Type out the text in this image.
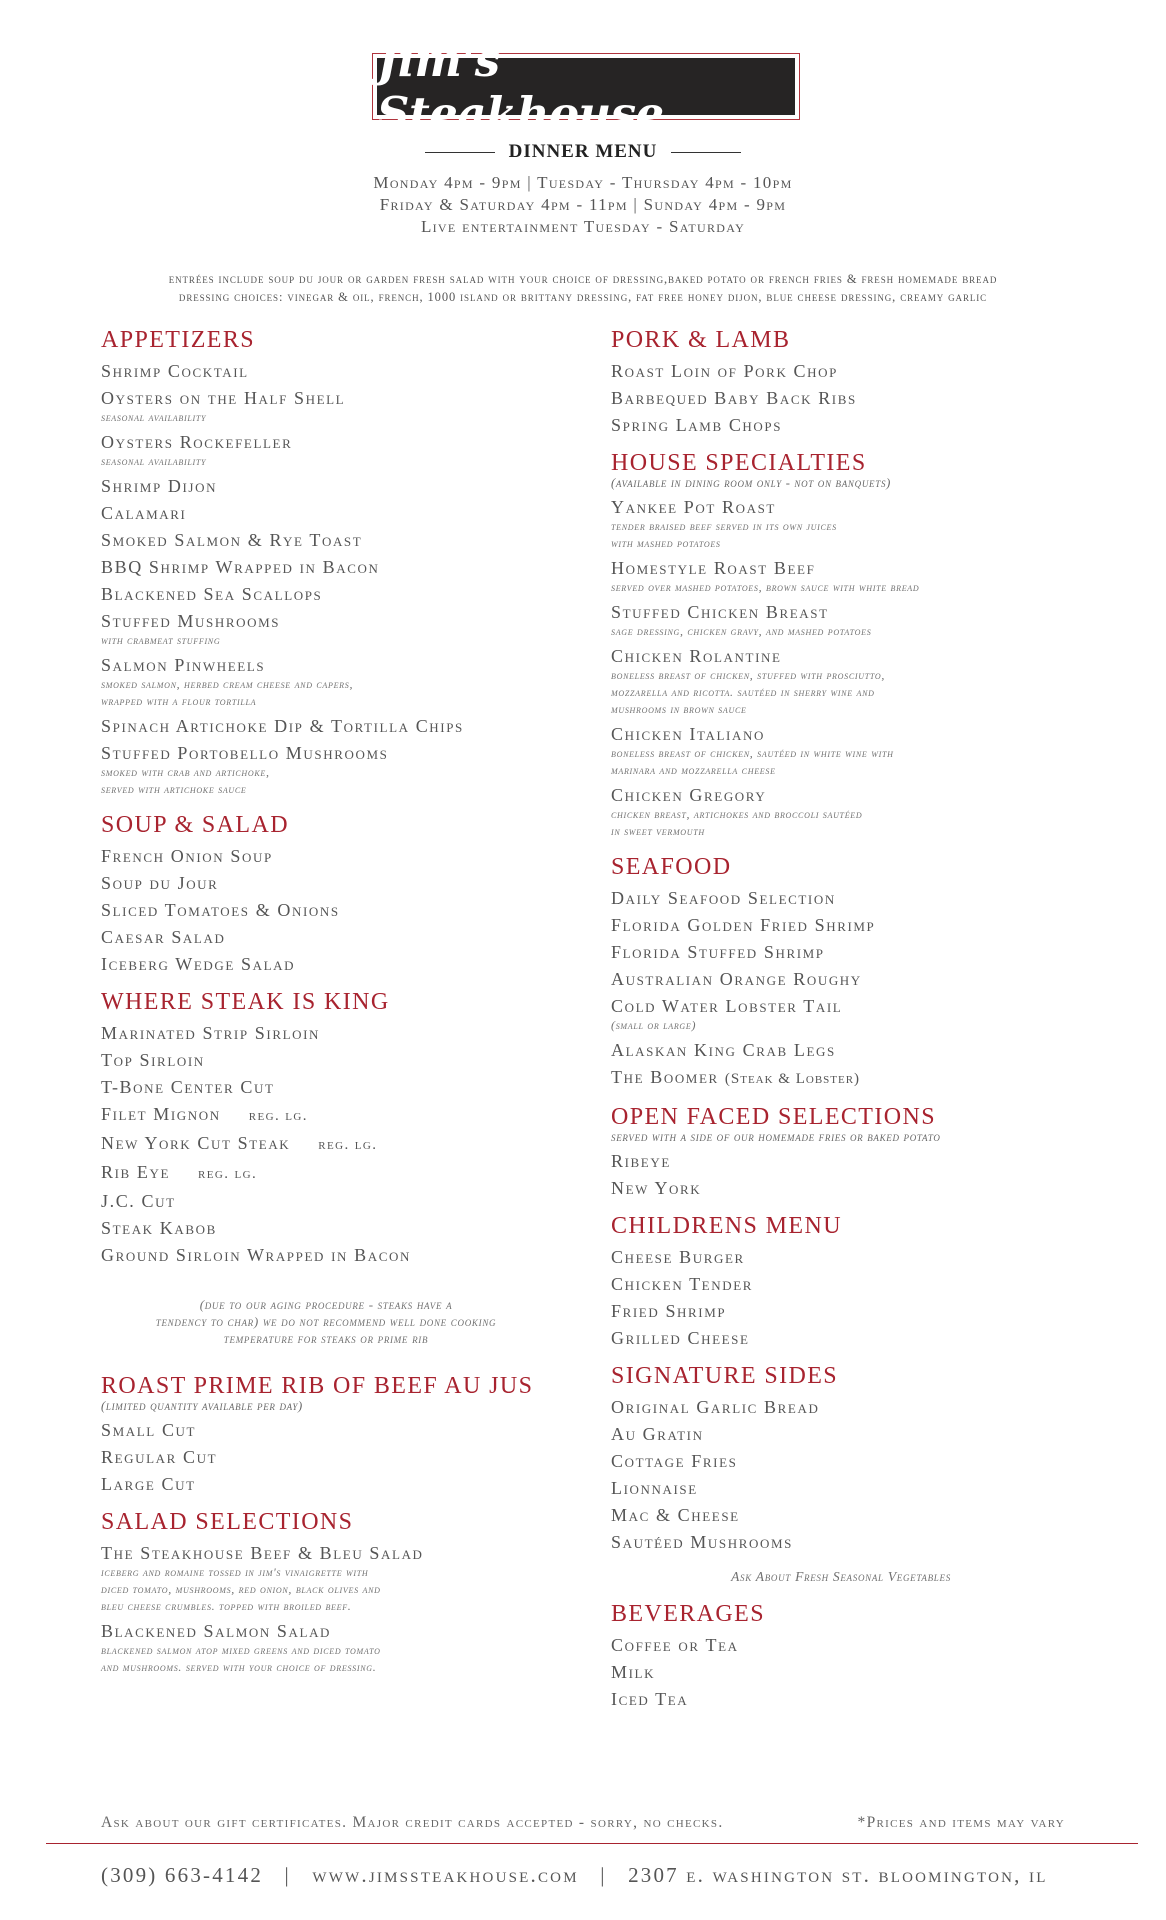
Jim's Steakhouse
DINNER MENU
Monday 4pm - 9pm | Tuesday - Thursday 4pm - 10pm
Friday & Saturday 4pm - 11pm | Sunday 4pm - 9pm
Live entertainment Tuesday - Saturday
entrées include soup du jour or garden fresh salad with your choice of dressing,baked potato or french fries & fresh homemade bread
dressing choices: vinegar & oil, french, 1000 island or brittany dressing, fat free honey dijon, blue cheese dressing, creamy garlic
APPETIZERS
Shrimp Cocktail
Oysters on the Half Shell
seasonal availability
Oysters Rockefeller
seasonal availability
Shrimp Dijon
Calamari
Smoked Salmon & Rye Toast
BBQ Shrimp Wrapped in Bacon
Blackened Sea Scallops
Stuffed Mushrooms
with crabmeat stuffing
Salmon Pinwheels
smoked salmon, herbed cream cheese and capers,
wrapped with a flour tortilla
Spinach Artichoke Dip & Tortilla Chips
Stuffed Portobello Mushrooms
smoked with crab and artichoke,
served with artichoke sauce
SOUP & SALAD
French Onion Soup
Soup du Jour
Sliced Tomatoes & Onions
Caesar Salad
Iceberg Wedge Salad
WHERE STEAK IS KING
Marinated Strip Sirloin
Top Sirloin
T-Bone Center Cut
Filet Mignon reg. lg.
New York Cut Steak reg. lg.
Rib Eye reg. lg.
J.C. Cut
Steak Kabob
Ground Sirloin Wrapped in Bacon
(due to our aging procedure - steaks have a
tendency to char) we do not recommend well done cooking
temperature for steaks or prime rib
ROAST PRIME RIB OF BEEF AU JUS
(limited quantity available per day)
Small Cut
Regular Cut
Large Cut
SALAD SELECTIONS
The Steakhouse Beef & Bleu Salad
iceberg and romaine tossed in jim's vinaigrette with
diced tomato, mushrooms, red onion, black olives and
bleu cheese crumbles. topped with broiled beef.
Blackened Salmon Salad
blackened salmon atop mixed greens and diced tomato
and mushrooms. served with your choice of dressing.
PORK & LAMB
Roast Loin of Pork Chop
Barbequed Baby Back Ribs
Spring Lamb Chops
HOUSE SPECIALTIES
(available in dining room only - not on banquets)
Yankee Pot Roast
tender braised beef served in its own juices
with mashed potatoes
Homestyle Roast Beef
served over mashed potatoes, brown sauce with white bread
Stuffed Chicken Breast
sage dressing, chicken gravy, and mashed potatoes
Chicken Rolantine
boneless breast of chicken, stuffed with prosciutto,
mozzarella and ricotta. sautéed in sherry wine and
mushrooms in brown sauce
Chicken Italiano
boneless breast of chicken, sautéed in white wine with
marinara and mozzarella cheese
Chicken Gregory
chicken breast, artichokes and broccoli sautéed
in sweet vermouth
SEAFOOD
Daily Seafood Selection
Florida Golden Fried Shrimp
Florida Stuffed Shrimp
Australian Orange Roughy
Cold Water Lobster Tail
(small or large)
Alaskan King Crab Legs
The Boomer (Steak & Lobster)
OPEN FACED SELECTIONS
served with a side of our homemade fries or baked potato
Ribeye
New York
CHILDRENS MENU
Cheese Burger
Chicken Tender
Fried Shrimp
Grilled Cheese
SIGNATURE SIDES
Original Garlic Bread
Au Gratin
Cottage Fries
Lionnaise
Mac & Cheese
Sautéed Mushrooms
Ask About Fresh Seasonal Vegetables
BEVERAGES
Coffee or Tea
Milk
Iced Tea
Ask about our gift certificates. Major credit cards accepted - sorry, no checks.	*Prices and items may vary
(309) 663-4142 | www.jimssteakhouse.com | 2307 e. washington st. bloomington, il
